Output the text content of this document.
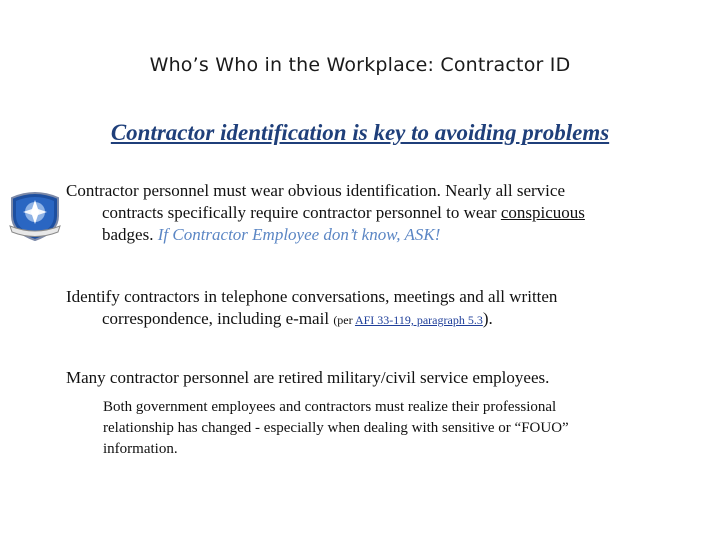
Who’s Who in the Workplace: Contractor ID
Contractor identification is key to avoiding problems
Contractor personnel must wear obvious identification. Nearly all service
contracts specifically require contractor personnel to wear conspicuous
badges. If Contractor Employee don’t know, ASK!
Identify contractors in telephone conversations, meetings and all written
correspondence, including e-mail (per AFI 33-119, paragraph 5.3).
Many contractor personnel are retired military/civil service employees.
Both government employees and contractors must realize their professional
relationship has changed - especially when dealing with sensitive or “FOUO”
information.
